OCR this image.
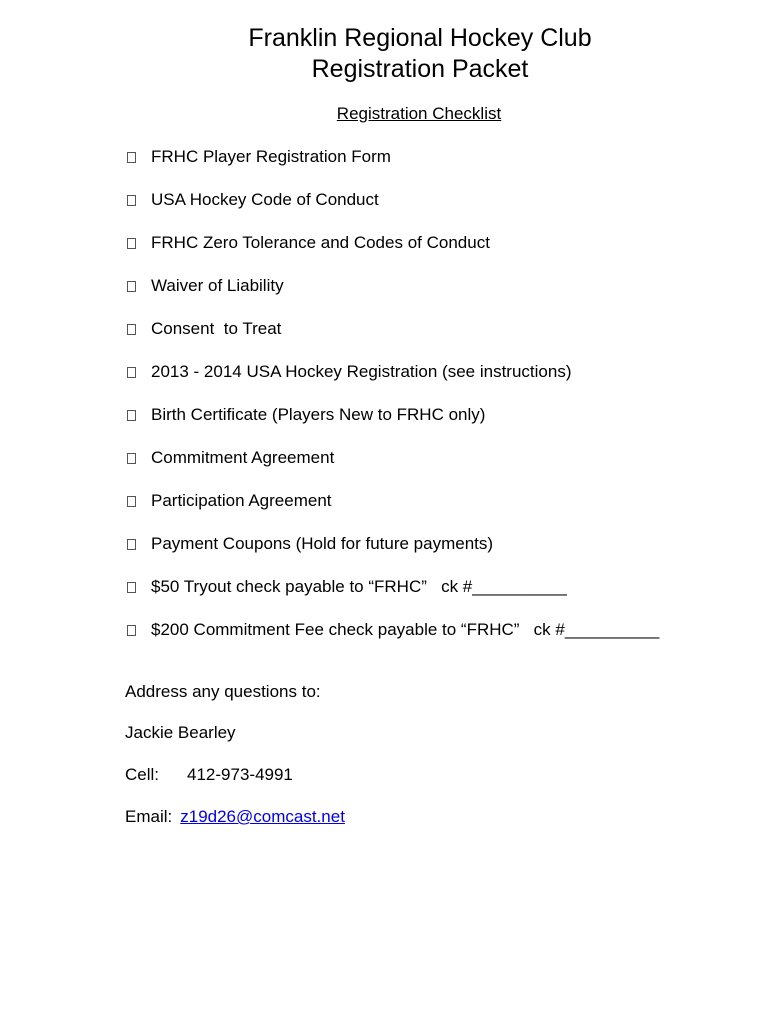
Franklin Regional Hockey Club
Registration Packet
Registration Checklist
FRHC Player Registration Form
USA Hockey Code of Conduct
FRHC Zero Tolerance and Codes of Conduct
Waiver of Liability
Consent  to Treat
2013 - 2014 USA Hockey Registration (see instructions)
Birth Certificate (Players New to FRHC only)
Commitment Agreement
Participation Agreement
Payment Coupons (Hold for future payments)
$50 Tryout check payable to “FRHC”   ck #__________
$200 Commitment Fee check payable to “FRHC”   ck #__________
Address any questions to:
Jackie Bearley
Cell: 412-973-4991
Email: z19d26@comcast.net
